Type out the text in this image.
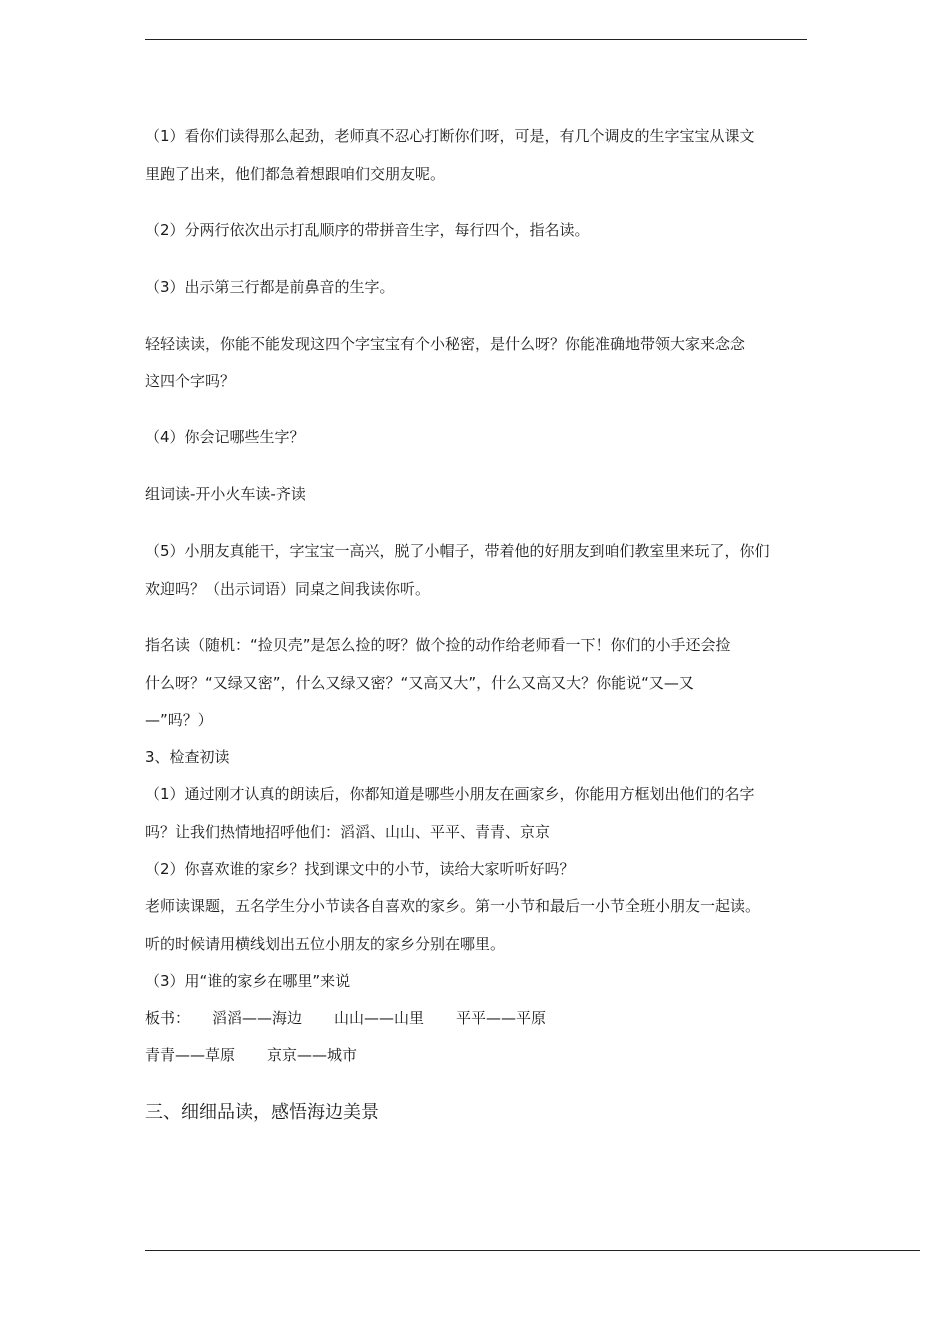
（1）看你们读得那么起劲，老师真不忍心打断你们呀，可是，有几个调皮的生字宝宝从课文
里跑了出来，他们都急着想跟咱们交朋友呢。
（2）分两行依次出示打乱顺序的带拼音生字，每行四个，指名读。
（3）出示第三行都是前鼻音的生字。
轻轻读读，你能不能发现这四个字宝宝有个小秘密，是什么呀？你能准确地带领大家来念念
这四个字吗？
（4）你会记哪些生字？
组词读-开小火车读-齐读
（5）小朋友真能干，字宝宝一高兴，脱了小帽子，带着他的好朋友到咱们教室里来玩了，你们
欢迎吗？（出示词语）同桌之间我读你听。
指名读（随机：“捡贝壳”是怎么捡的呀？做个捡的动作给老师看一下！你们的小手还会捡
什么呀？“又绿又密”，什么又绿又密？“又高又大”，什么又高又大？你能说“又—又
—”吗？）
3、检查初读
（1）通过刚才认真的朗读后，你都知道是哪些小朋友在画家乡，你能用方框划出他们的名字
吗？让我们热情地招呼他们：滔滔、山山、平平、青青、京京
（2）你喜欢谁的家乡？找到课文中的小节，读给大家听听好吗？
老师读课题，五名学生分小节读各自喜欢的家乡。第一小节和最后一小节全班小朋友一起读。
听的时候请用横线划出五位小朋友的家乡分别在哪里。
（3）用“谁的家乡在哪里”来说
板书： 滔滔——海边 山山——山里 平平——平原
青青——草原 京京——城市
三、细细品读，感悟海边美景
